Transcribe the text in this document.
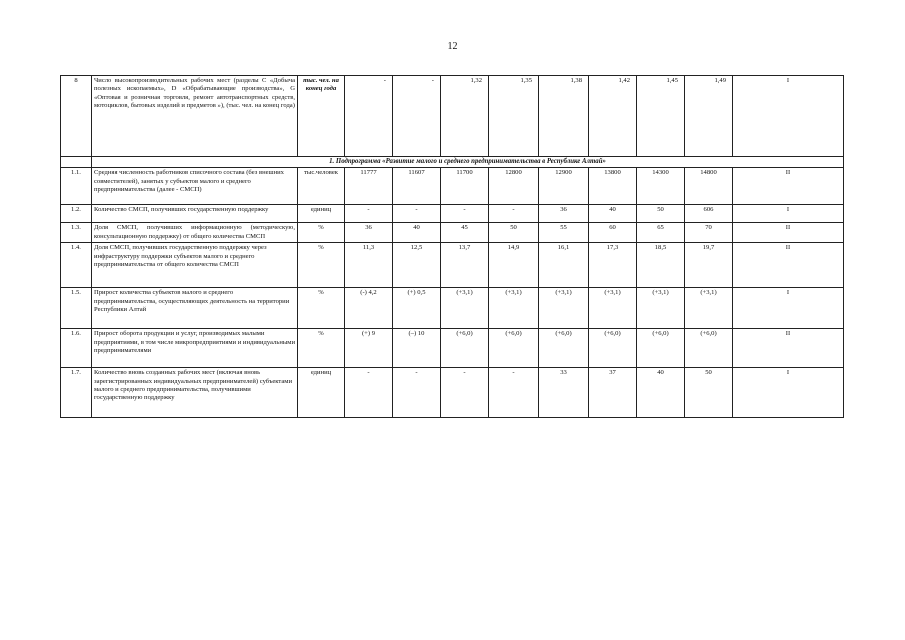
12
8	Число высокопроизводительных рабочих мест (разделы С «Добыча полезных ископаемых», D «Обрабатывающие производства», G «Оптовая и розничная торговля, ремонт автотранспортных средств, мотоциклов, бытовых изделий и предметов »), (тыс. чел. на конец года)	тыс. чел. на конец года	-	-	1,32	1,35	1,38	1,42	1,45	1,49	I
	1. Подпрограмма «Развитие малого и среднего предпринимательства в Республике Алтай»										
1.1.	Средняя численность работников списочного состава (без внешних совместителей), занятых у субъектов малого и среднего предпринимательства (далее - СМСП)	тыс.человек	11777	11607	11700	12800	12900	13800	14300	14800	II
1.2.	Количество СМСП, получивших государственную поддержку	единиц	-	-	-	-	36	40	50	606	I
1.3.	Доля СМСП, получивших информационную (методическую, консультационную поддержку) от общего количества СМСП	%	36	40	45	50	55	60	65	70	II
1.4.	Доля СМСП, получивших государственную поддержку через инфраструктуру поддержки субъектов малого и среднего предпринимательства от общего количества СМСП	%	11,3	12,5	13,7	14,9	16,1	17,3	18,5	19,7	II
1.5.	Прирост количества субъектов малого и среднего предпринимательства, осуществляющих деятельность на территории Республики Алтай	%	(-) 4,2	(+) 0,5	(+3,1)	(+3,1)	(+3,1)	(+3,1)	(+3,1)	(+3,1)	I
1.6.	Прирост оборота продукции и услуг, производимых малыми предприятиями, в том числе микропредприятиями и индивидуальными предпринимателями	%	(+) 9	(–) 10	(+6,0)	(+6,0)	(+6,0)	(+6,0)	(+6,0)	(+6,0)	II
1.7.	Количество вновь созданных рабочих мест (включая вновь зарегистрированных индивидуальных предпринимателей) субъектами малого и среднего предпринимательства, получившими государственную поддержку	единиц	-	-	-	-	33	37	40	50	I
